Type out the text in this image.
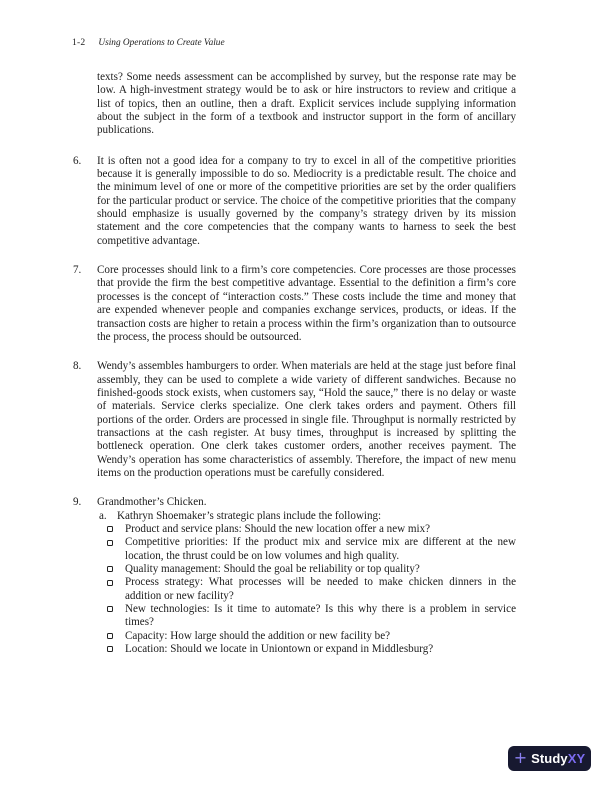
1-2 Using Operations to Create Value

texts? Some needs assessment can be accomplished by survey, but the response rate may be low. A high-investment strategy would be to ask or hire instructors to review and critique a list of topics, then an outline, then a draft. Explicit services include supplying information about the subject in the form of a textbook and instructor support in the form of ancillary publications.

6. It is often not a good idea for a company to try to excel in all of the competitive priorities because it is generally impossible to do so. Mediocrity is a predictable result. The choice and the minimum level of one or more of the competitive priorities are set by the order qualifiers for the particular product or service. The choice of the competitive priorities that the company should emphasize is usually governed by the company’s strategy driven by its mission statement and the core competencies that the company wants to harness to seek the best competitive advantage.

7. Core processes should link to a firm’s core competencies. Core processes are those processes that provide the firm the best competitive advantage. Essential to the definition a firm’s core processes is the concept of “interaction costs.” These costs include the time and money that are expended whenever people and companies exchange services, products, or ideas. If the transaction costs are higher to retain a process within the firm’s organization than to outsource the process, the process should be outsourced.

8. Wendy’s assembles hamburgers to order. When materials are held at the stage just before final assembly, they can be used to complete a wide variety of different sandwiches. Because no finished-goods stock exists, when customers say, “Hold the sauce,” there is no delay or waste of materials. Service clerks specialize. One clerk takes orders and payment. Others fill portions of the order. Orders are processed in single file. Throughput is normally restricted by transactions at the cash register. At busy times, throughput is increased by splitting the bottleneck operation. One clerk takes customer orders, another receives payment. The Wendy’s operation has some characteristics of assembly. Therefore, the impact of new menu items on the production operations must be carefully considered.

9. Grandmother’s Chicken.

a. Kathryn Shoemaker’s strategic plans include the following:

Product and service plans: Should the new location offer a new mix?
Competitive priorities: If the product mix and service mix are different at the new location, the thrust could be on low volumes and high quality.
Quality management: Should the goal be reliability or top quality?
Process strategy: What processes will be needed to make chicken dinners in the addition or new facility?
New technologies: Is it time to automate? Is this why there is a problem in service times?
Capacity: How large should the addition or new facility be?
Location: Should we locate in Uniontown or expand in Middlesburg?
+ Study XY
